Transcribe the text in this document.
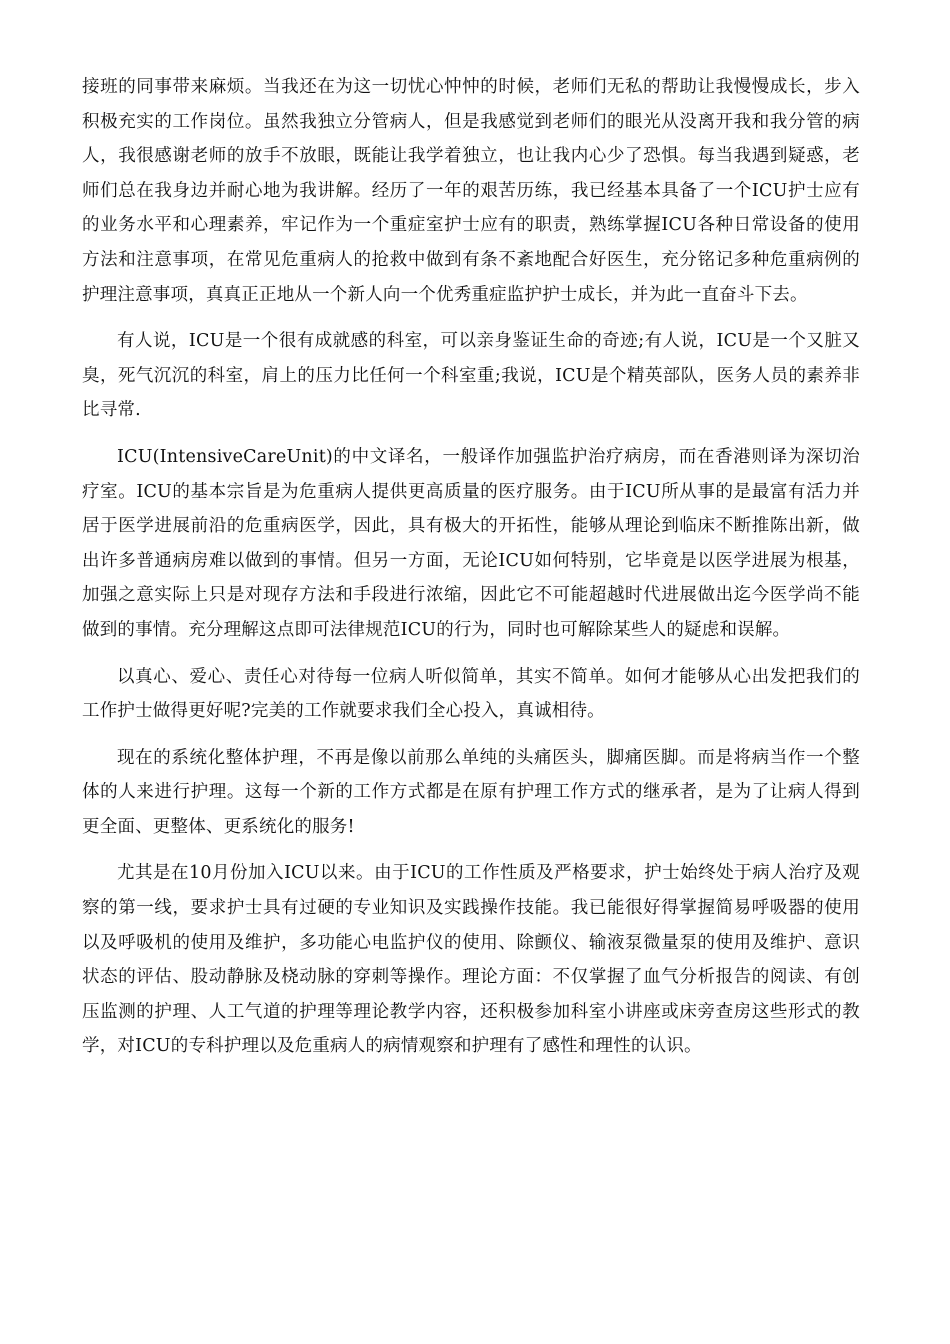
接班的同事带来麻烦。当我还在为这一切忧心忡忡的时候，老师们无私的帮助让我慢慢成长，步入积极充实的工作岗位。虽然我独立分管病人，但是我感觉到老师们的眼光从没离开我和我分管的病人，我很感谢老师的放手不放眼，既能让我学着独立，也让我内心少了恐惧。每当我遇到疑惑，老师们总在我身边并耐心地为我讲解。经历了一年的艰苦历练，我已经基本具备了一个ICU护士应有的业务水平和心理素养，牢记作为一个重症室护士应有的职责，熟练掌握ICU各种日常设备的使用方法和注意事项，在常见危重病人的抢救中做到有条不紊地配合好医生，充分铭记多种危重病例的护理注意事项，真真正正地从一个新人向一个优秀重症监护护士成长，并为此一直奋斗下去。

有人说，ICU是一个很有成就感的科室，可以亲身鉴证生命的奇迹;有人说，ICU是一个又脏又臭，死气沉沉的科室，肩上的压力比任何一个科室重;我说，ICU是个精英部队，医务人员的素养非比寻常.

ICU(IntensiveCareUnit)的中文译名，一般译作加强监护治疗病房，而在香港则译为深切治疗室。ICU的基本宗旨是为危重病人提供更高质量的医疗服务。由于ICU所从事的是最富有活力并居于医学进展前沿的危重病医学，因此，具有极大的开拓性，能够从理论到临床不断推陈出新，做出许多普通病房难以做到的事情。但另一方面，无论ICU如何特别，它毕竟是以医学进展为根基，加强之意实际上只是对现存方法和手段进行浓缩，因此它不可能超越时代进展做出迄今医学尚不能做到的事情。充分理解这点即可法律规范ICU的行为，同时也可解除某些人的疑虑和误解。

以真心、爱心、责任心对待每一位病人听似简单，其实不简单。如何才能够从心出发把我们的工作护士做得更好呢?完美的工作就要求我们全心投入，真诚相待。

现在的系统化整体护理，不再是像以前那么单纯的头痛医头，脚痛医脚。而是将病当作一个整体的人来进行护理。这每一个新的工作方式都是在原有护理工作方式的继承者，是为了让病人得到更全面、更整体、更系统化的服务!

尤其是在10月份加入ICU以来。由于ICU的工作性质及严格要求，护士始终处于病人治疗及观察的第一线，要求护士具有过硬的专业知识及实践操作技能。我已能很好得掌握简易呼吸器的使用以及呼吸机的使用及维护，多功能心电监护仪的使用、除颤仪、输液泵微量泵的使用及维护、意识状态的评估、股动静脉及桡动脉的穿刺等操作。理论方面：不仅掌握了血气分析报告的阅读、有创压监测的护理、人工气道的护理等理论教学内容，还积极参加科室小讲座或床旁查房这些形式的教学，对ICU的专科护理以及危重病人的病情观察和护理有了感性和理性的认识。
